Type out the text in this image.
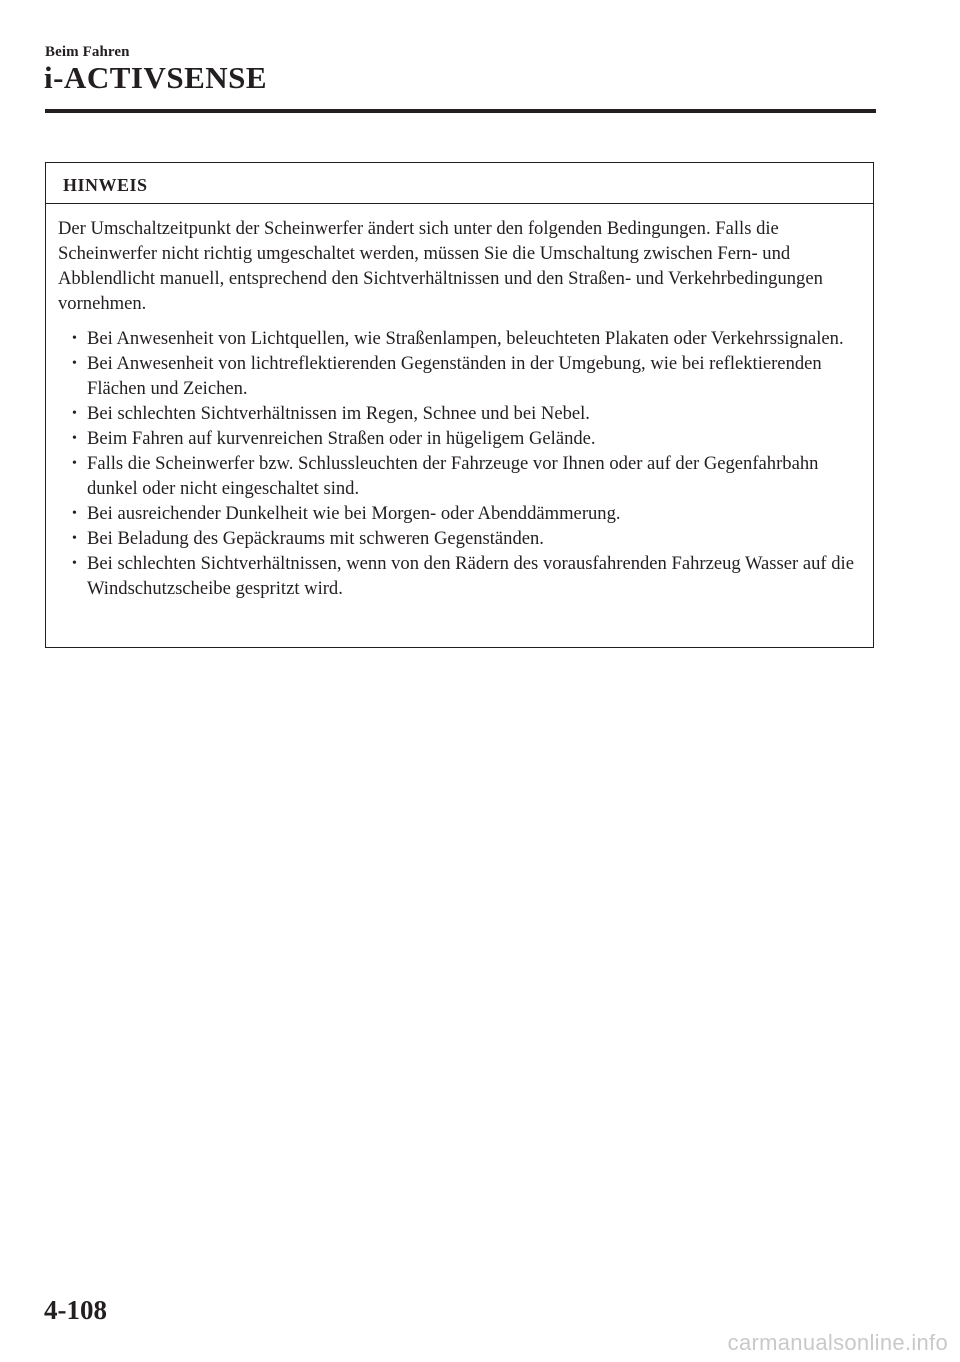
Beim Fahren
i-ACTIVSENSE
HINWEIS

Der Umschaltzeitpunkt der Scheinwerfer ändert sich unter den folgenden Bedingungen. Falls die Scheinwerfer nicht richtig umgeschaltet werden, müssen Sie die Umschaltung zwischen Fern- und Abblendlicht manuell, entsprechend den Sichtverhältnissen und den Straßen- und Verkehrbedingungen vornehmen.

• Bei Anwesenheit von Lichtquellen, wie Straßenlampen, beleuchteten Plakaten oder Verkehrssignalen.
• Bei Anwesenheit von lichtreflektierenden Gegenständen in der Umgebung, wie bei reflektierenden Flächen und Zeichen.
• Bei schlechten Sichtverhältnissen im Regen, Schnee und bei Nebel.
• Beim Fahren auf kurvenreichen Straßen oder in hügeligem Gelände.
• Falls die Scheinwerfer bzw. Schlussleuchten der Fahrzeuge vor Ihnen oder auf der Gegenfahrbahn dunkel oder nicht eingeschaltet sind.
• Bei ausreichender Dunkelheit wie bei Morgen- oder Abenddämmerung.
• Bei Beladung des Gepäckraums mit schweren Gegenständen.
• Bei schlechten Sichtverhältnissen, wenn von den Rädern des vorausfahrenden Fahrzeug Wasser auf die Windschutzscheibe gespritzt wird.
4-108
carmanualsonline.info
